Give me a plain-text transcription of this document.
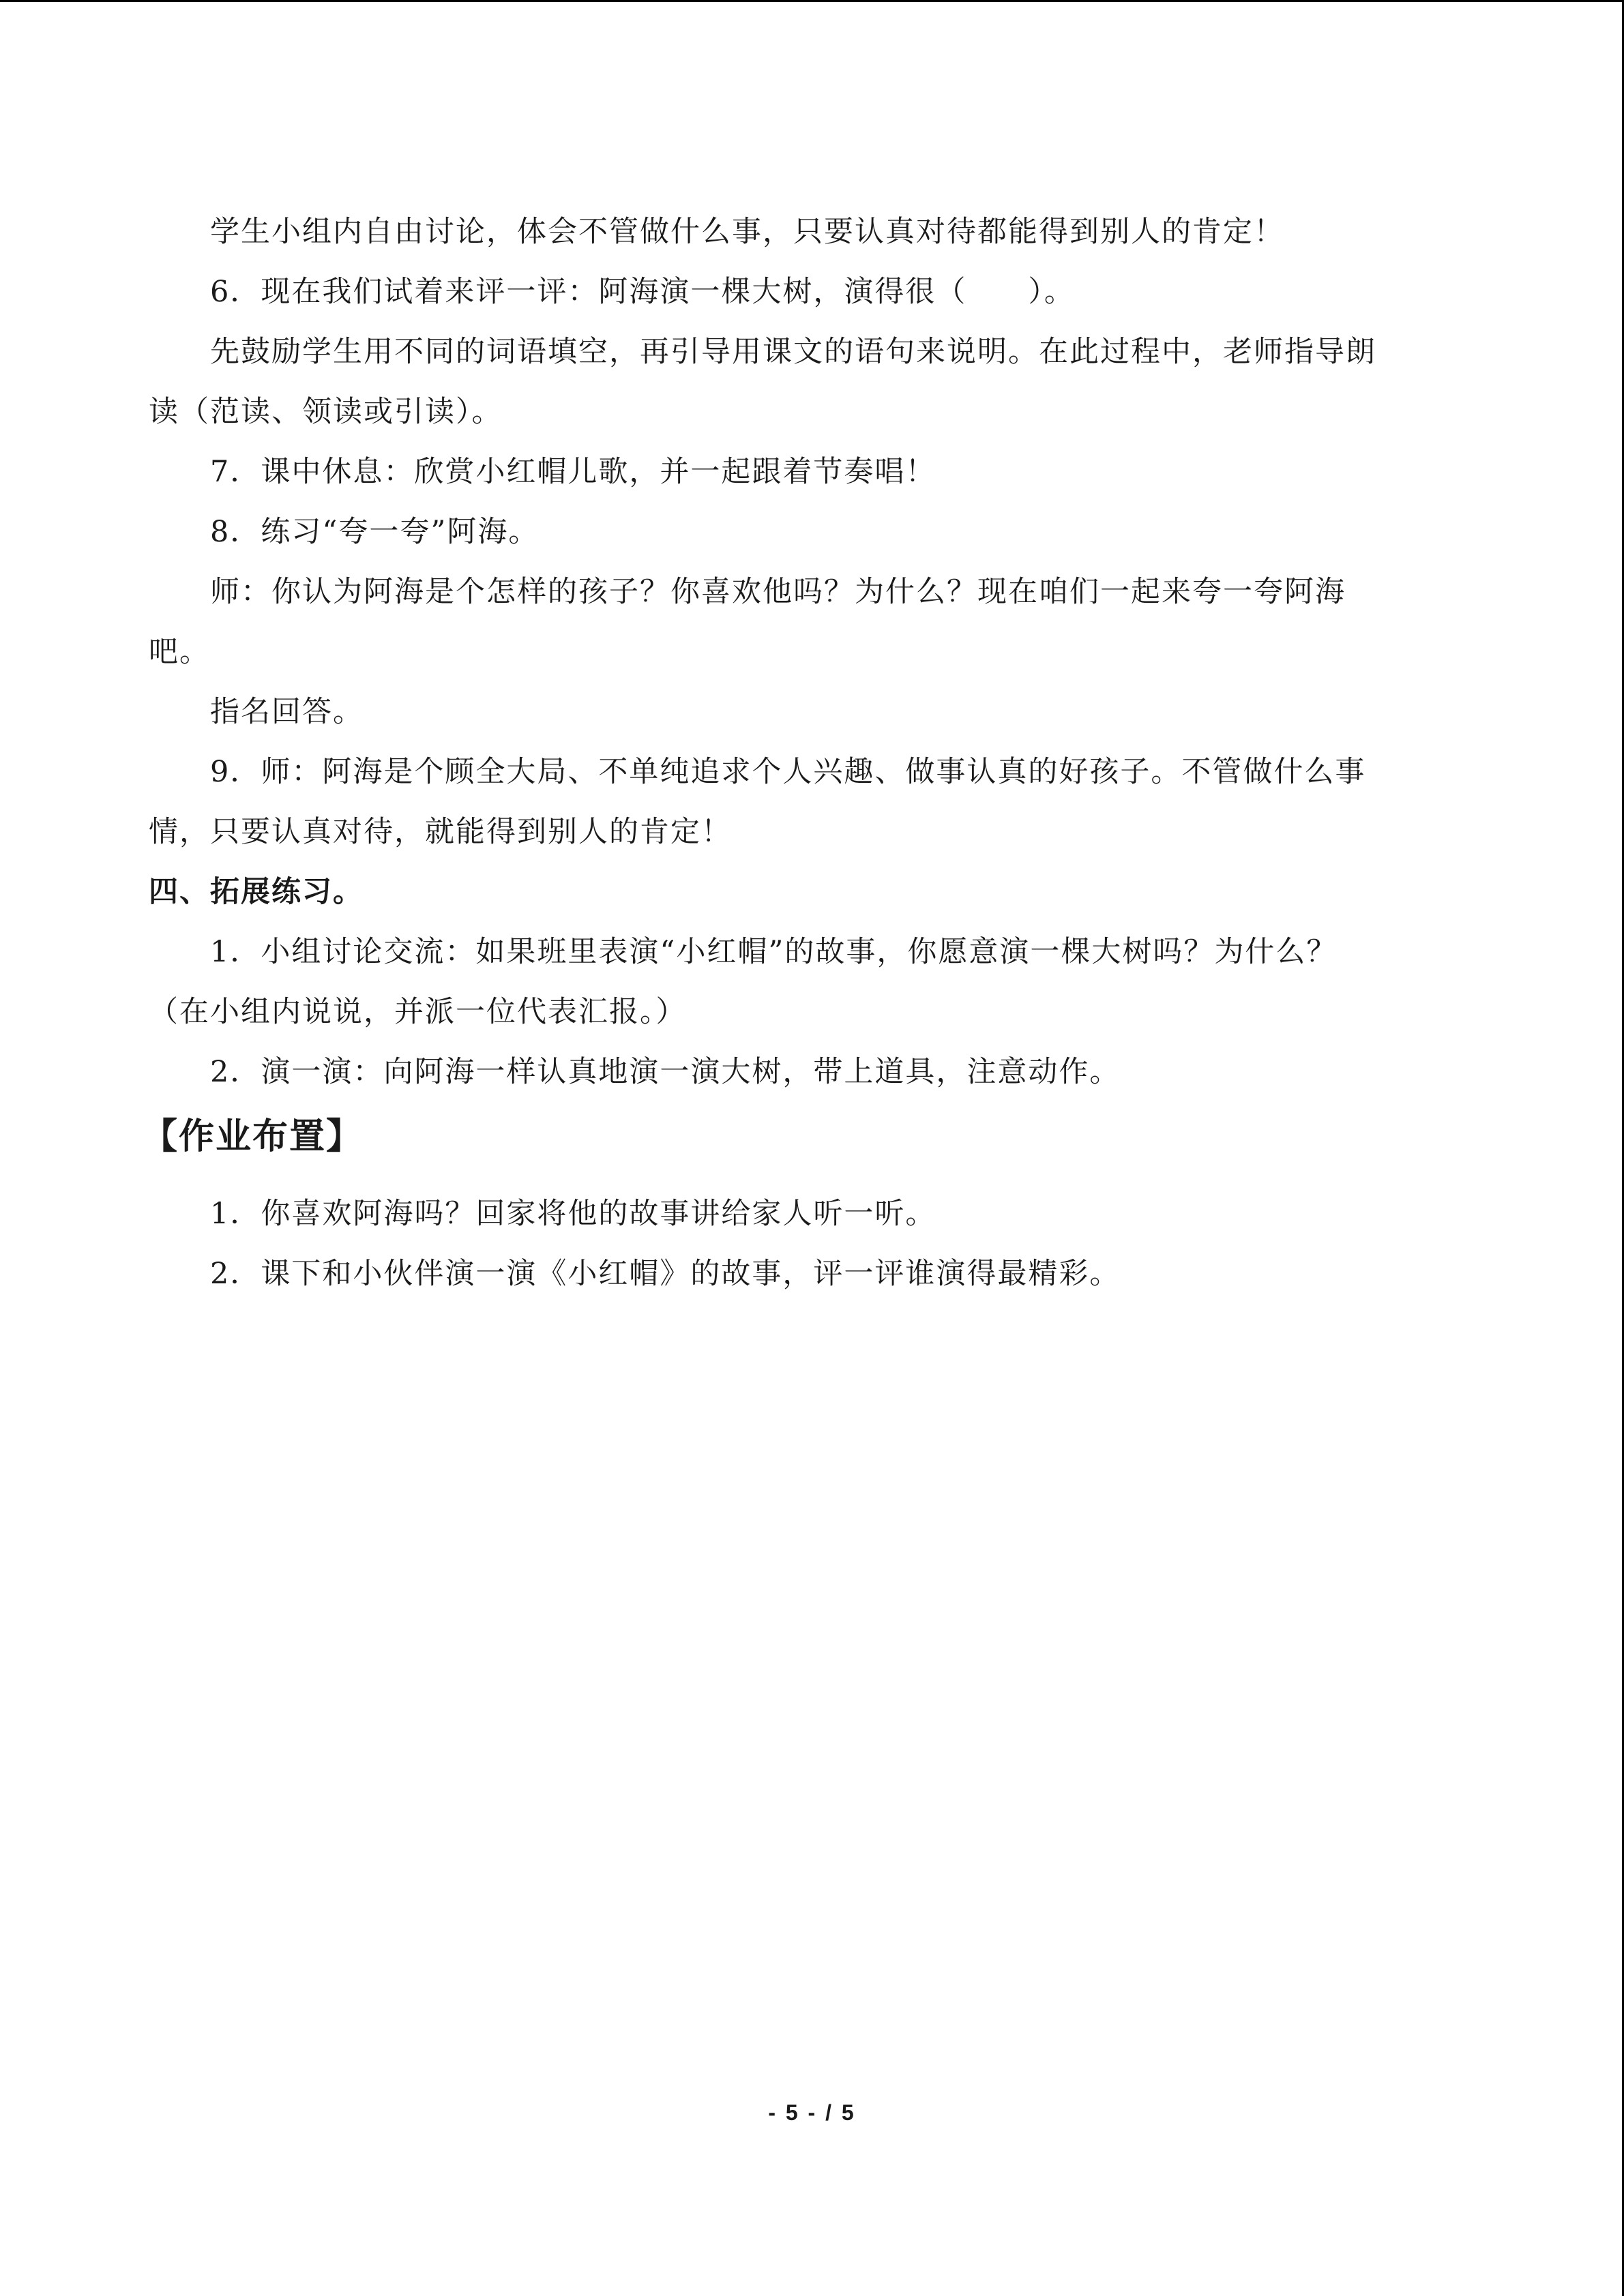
学生小组内自由讨论，体会不管做什么事，只要认真对待都能得到别人的肯定！
6．现在我们试着来评一评：阿海演一棵大树，演得很（　　）。
先鼓励学生用不同的词语填空，再引导用课文的语句来说明。在此过程中，老师指导朗
读（范读、领读或引读）。
7．课中休息：欣赏小红帽儿歌，并一起跟着节奏唱！
8．练习“夸一夸”阿海。
师：你认为阿海是个怎样的孩子？你喜欢他吗？为什么？现在咱们一起来夸一夸阿海
吧。
指名回答。
9．师：阿海是个顾全大局、不单纯追求个人兴趣、做事认真的好孩子。不管做什么事
情，只要认真对待，就能得到别人的肯定！
四、拓展练习。
1．小组讨论交流：如果班里表演“小红帽”的故事，你愿意演一棵大树吗？为什么？
（在小组内说说，并派一位代表汇报。）
2．演一演：向阿海一样认真地演一演大树，带上道具，注意动作。
【作业布置】
1．你喜欢阿海吗？回家将他的故事讲给家人听一听。
2．课下和小伙伴演一演《小红帽》的故事，评一评谁演得最精彩。
- 5 - / 5
